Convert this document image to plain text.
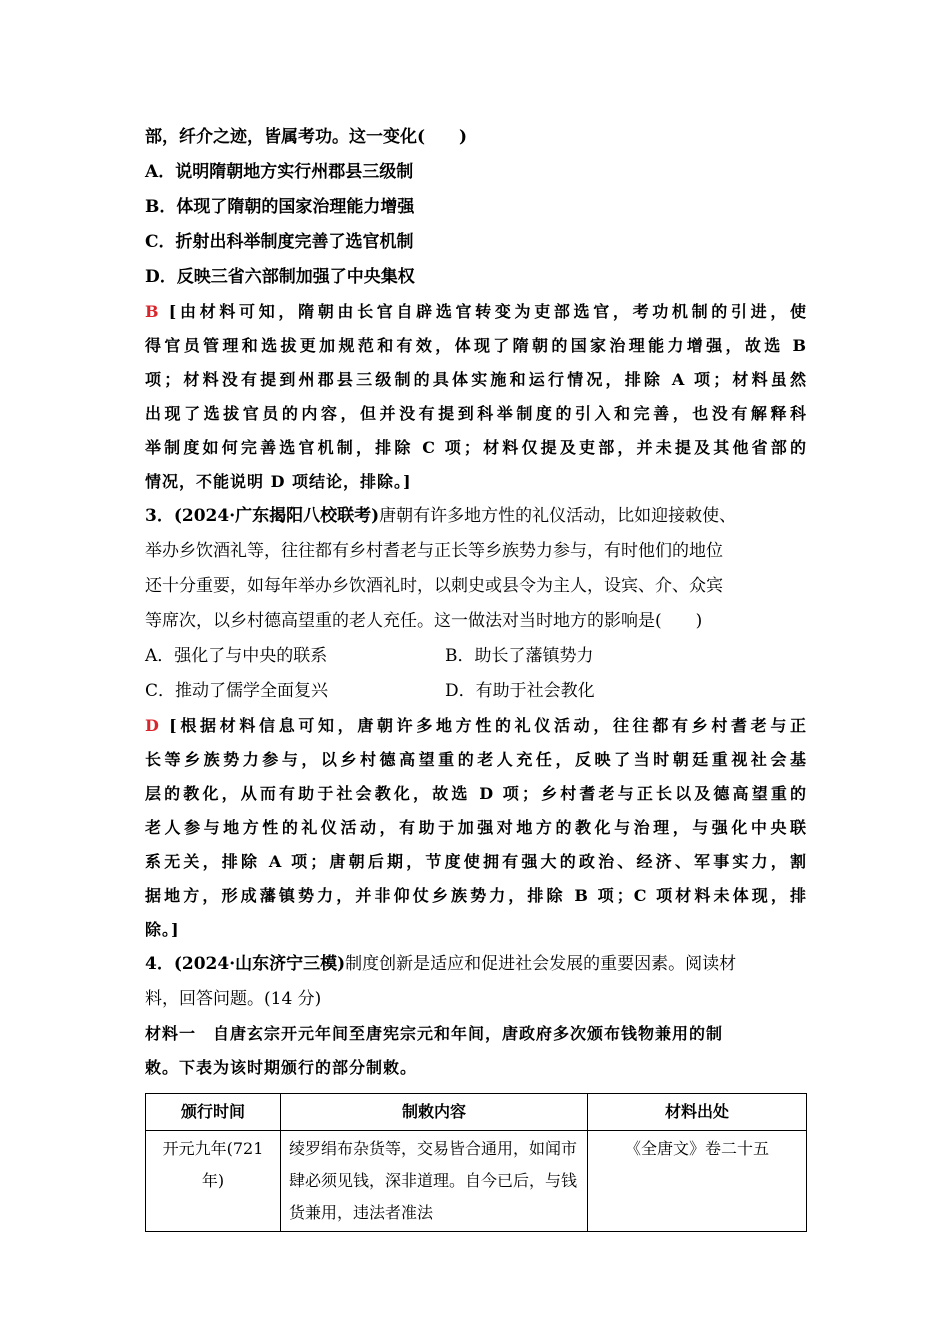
部，纤介之迹，皆属考功。这一变化(　　)
A．说明隋朝地方实行州郡县三级制
B．体现了隋朝的国家治理能力增强
C．折射出科举制度完善了选官机制
D．反映三省六部制加强了中央集权
B [由材料可知，隋朝由长官自辟选官转变为吏部选官，考功机制的引进，使
得官员管理和选拔更加规范和有效，体现了隋朝的国家治理能力增强，故选 B
项；材料没有提到州郡县三级制的具体实施和运行情况，排除 A 项；材料虽然
出现了选拔官员的内容，但并没有提到科举制度的引入和完善，也没有解释科
举制度如何完善选官机制，排除 C 项；材料仅提及吏部，并未提及其他省部的
情况，不能说明 D 项结论，排除。]
3．(2024·广东揭阳八校联考)唐朝有许多地方性的礼仪活动，比如迎接敕使、
举办乡饮酒礼等，往往都有乡村耆老与正长等乡族势力参与，有时他们的地位
还十分重要，如每年举办乡饮酒礼时，以刺史或县令为主人，设宾、介、众宾
等席次，以乡村德高望重的老人充任。这一做法对当时地方的影响是(　　)
A．强化了与中央的联系	B．助长了藩镇势力
C．推动了儒学全面复兴	D．有助于社会教化
D [根据材料信息可知，唐朝许多地方性的礼仪活动，往往都有乡村耆老与正
长等乡族势力参与，以乡村德高望重的老人充任，反映了当时朝廷重视社会基
层的教化，从而有助于社会教化，故选 D 项；乡村耆老与正长以及德高望重的
老人参与地方性的礼仪活动，有助于加强对地方的教化与治理，与强化中央联
系无关，排除 A 项；唐朝后期，节度使拥有强大的政治、经济、军事实力，割
据地方，形成藩镇势力，并非仰仗乡族势力，排除 B 项；C 项材料未体现，排
除。]
4．(2024·山东济宁三模)制度创新是适应和促进社会发展的重要因素。阅读材
料，回答问题。(14 分)
材料一　自唐玄宗开元年间至唐宪宗元和年间，唐政府多次颁布钱物兼用的制
敕。下表为该时期颁行的部分制敕。
颁行时间	制敕内容	材料出处
开元九年(721年)	绫罗绢布杂货等，交易皆合通用，如闻市肆必须见钱，深非道理。自今已后，与钱货兼用，违法者准法	《全唐文》卷二十五
